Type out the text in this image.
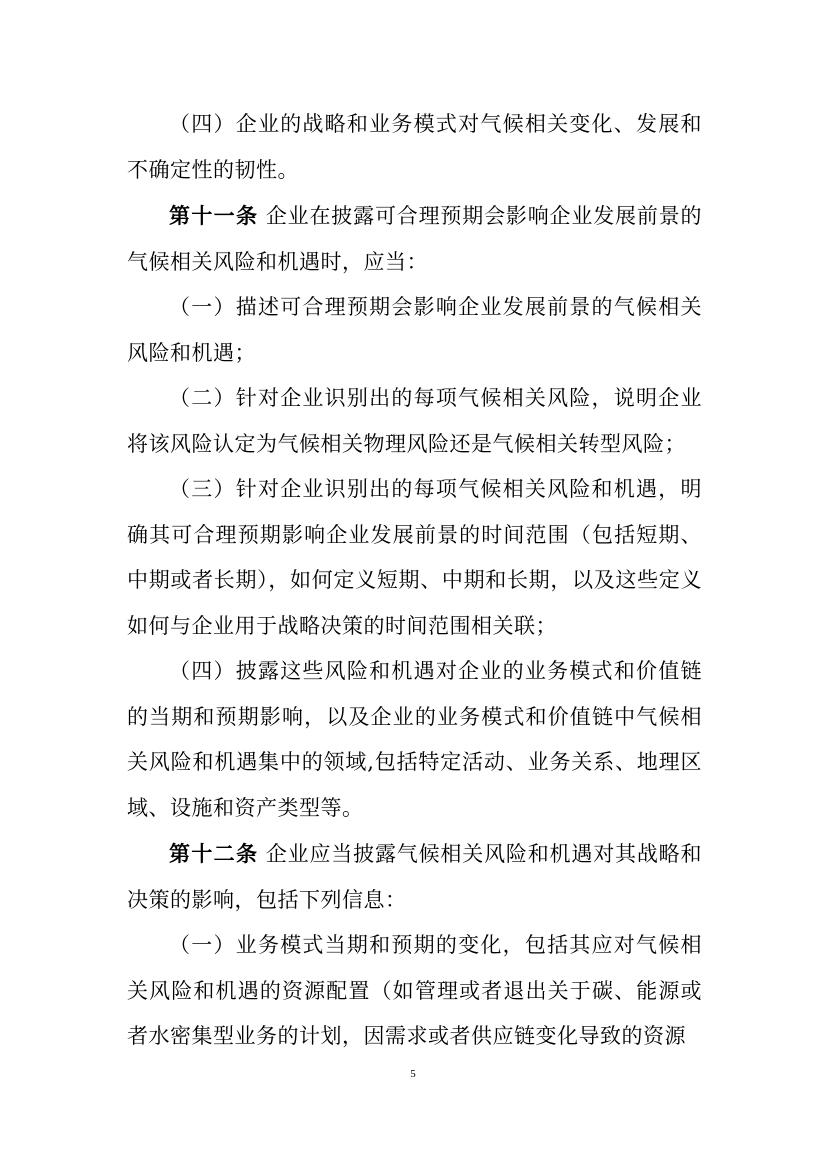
（四）企业的战略和业务模式对气候相关变化、发展和不确定性的韧性。

第十一条 企业在披露可合理预期会影响企业发展前景的气候相关风险和机遇时，应当：

（一）描述可合理预期会影响企业发展前景的气候相关风险和机遇；

（二）针对企业识别出的每项气候相关风险，说明企业将该风险认定为气候相关物理风险还是气候相关转型风险；

（三）针对企业识别出的每项气候相关风险和机遇，明确其可合理预期影响企业发展前景的时间范围（包括短期、中期或者长期），如何定义短期、中期和长期，以及这些定义如何与企业用于战略决策的时间范围相关联；

（四）披露这些风险和机遇对企业的业务模式和价值链的当期和预期影响，以及企业的业务模式和价值链中气候相关风险和机遇集中的领域,包括特定活动、业务关系、地理区域、设施和资产类型等。

第十二条 企业应当披露气候相关风险和机遇对其战略和决策的影响，包括下列信息：

（一）业务模式当期和预期的变化，包括其应对气候相关风险和机遇的资源配置（如管理或者退出关于碳、能源或者水密集型业务的计划，因需求或者供应链变化导致的资源

5
